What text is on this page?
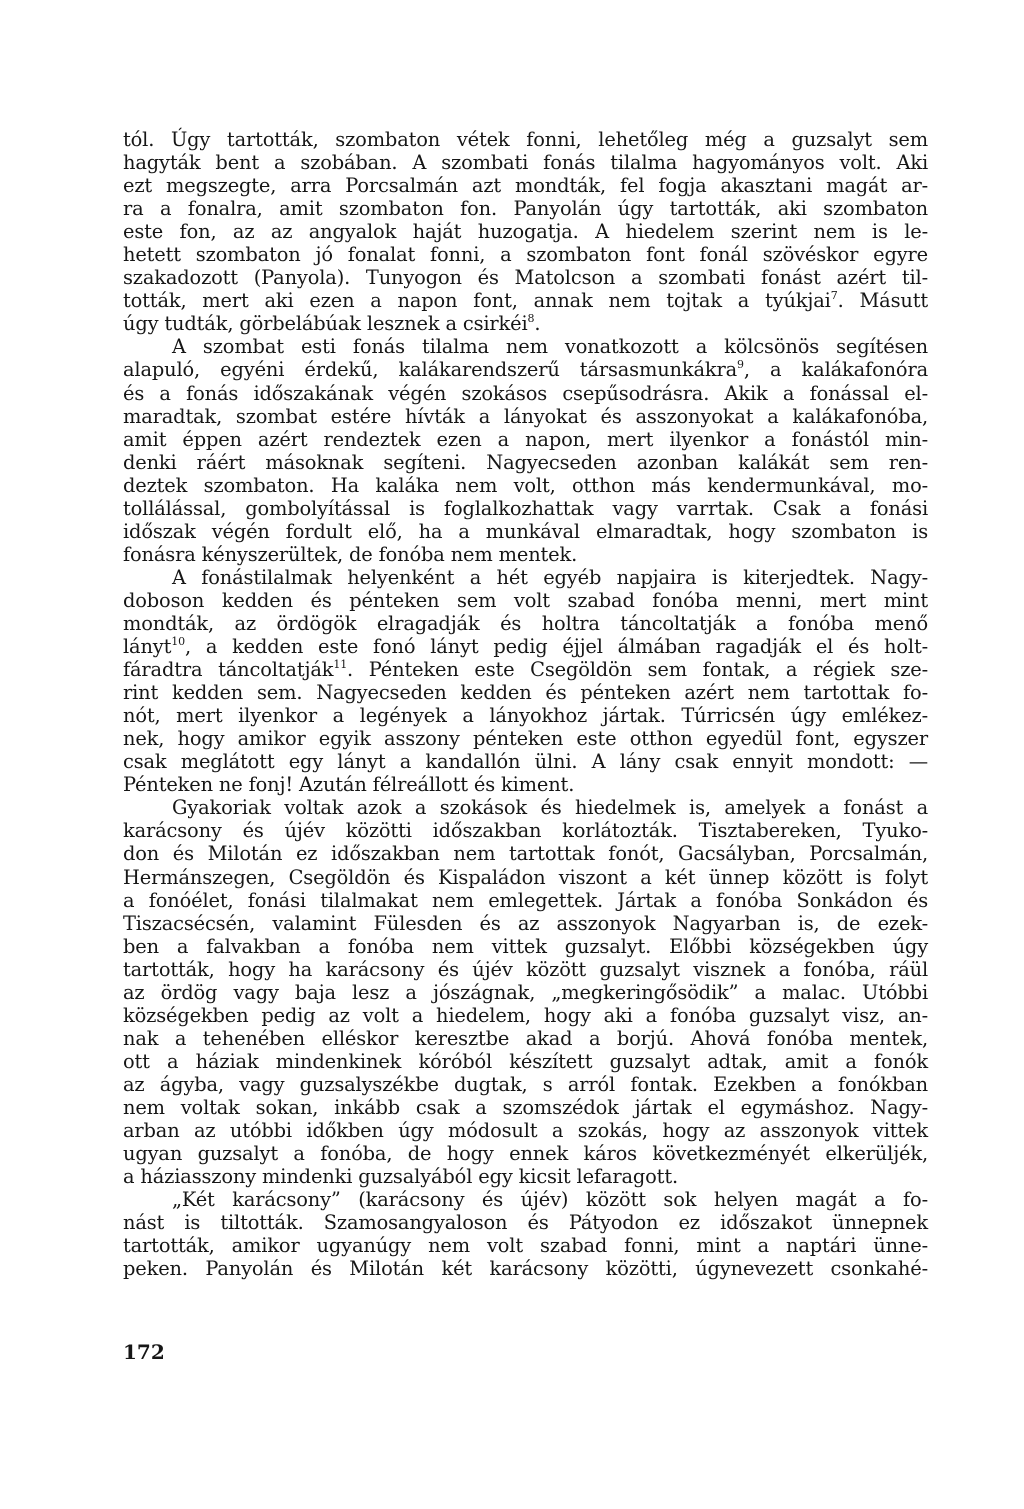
tól. Úgy tartották, szombaton vétek fonni, lehetőleg még a guzsalyt sem
hagyták bent a szobában. A szombati fonás tilalma hagyományos volt. Aki
ezt megszegte, arra Porcsalmán azt mondták, fel fogja akasztani magát ar-
ra a fonalra, amit szombaton fon. Panyolán úgy tartották, aki szombaton
este fon, az az angyalok haját huzogatja. A hiedelem szerint nem is le-
hetett szombaton jó fonalat fonni, a szombaton font fonál szövéskor egyre
szakadozott (Panyola). Tunyogon és Matolcson a szombati fonást azért til-
tották, mert aki ezen a napon font, annak nem tojtak a tyúkjai$^7$. Másutt
úgy tudták, görbelábúak lesznek a csirkéi$^8$.
A szombat esti fonás tilalma nem vonatkozott a kölcsönös segítésen
alapuló, egyéni érdekű, kalákarendszerű társasmunkákra$^9$, a kalákafonóra
és a fonás időszakának végén szokásos csepűsodrásra. Akik a fonással el-
maradtak, szombat estére hívták a lányokat és asszonyokat a kalákafonóba,
amit éppen azért rendeztek ezen a napon, mert ilyenkor a fonástól min-
denki ráért másoknak segíteni. Nagyecseden azonban kalákát sem ren-
deztek szombaton. Ha kaláka nem volt, otthon más kendermunkával, mo-
tollálással, gombolyítással is foglalkozhattak vagy varrtak. Csak a fonási
időszak végén fordult elő, ha a munkával elmaradtak, hogy szombaton is
fonásra kényszerültek, de fonóba nem mentek.
A fonástilalmak helyenként a hét egyéb napjaira is kiterjedtek. Nagy-
doboson kedden és pénteken sem volt szabad fonóba menni, mert mint
mondták, az ördögök elragadják és holtra táncoltatják a fonóba menő
lányt$^{10}$, a kedden este fonó lányt pedig éjjel álmában ragadják el és holt-
fáradtra táncoltatják$^{11}$. Pénteken este Csegöldön sem fontak, a régiek sze-
rint kedden sem. Nagyecseden kedden és pénteken azért nem tartottak fo-
nót, mert ilyenkor a legények a lányokhoz jártak. Túrricsén úgy emlékez-
nek, hogy amikor egyik asszony pénteken este otthon egyedül font, egyszer
csak meglátott egy lányt a kandallón ülni. A lány csak ennyit mondott: —
Pénteken ne fonj! Azután félreállott és kiment.
Gyakoriak voltak azok a szokások és hiedelmek is, amelyek a fonást a
karácsony és újév közötti időszakban korlátozták. Tisztabereken, Tyuko-
don és Milotán ez időszakban nem tartottak fonót, Gacsályban, Porcsalmán,
Hermánszegen, Csegöldön és Kispaládon viszont a két ünnep között is folyt
a fonóélet, fonási tilalmakat nem emlegettek. Jártak a fonóba Sonkádon és
Tiszacsécsén, valamint Fülesden és az asszonyok Nagyarban is, de ezek-
ben a falvakban a fonóba nem vittek guzsalyt. Előbbi községekben úgy
tartották, hogy ha karácsony és újév között guzsalyt visznek a fonóba, ráül
az ördög vagy baja lesz a jószágnak, „megkeringősödik” a malac. Utóbbi
községekben pedig az volt a hiedelem, hogy aki a fonóba guzsalyt visz, an-
nak a tehenében elléskor keresztbe akad a borjú. Ahová fonóba mentek,
ott a háziak mindenkinek kóróból készített guzsalyt adtak, amit a fonók
az ágyba, vagy guzsalyszékbe dugtak, s arról fontak. Ezekben a fonókban
nem voltak sokan, inkább csak a szomszédok jártak el egymáshoz. Nagy-
arban az utóbbi időkben úgy módosult a szokás, hogy az asszonyok vittek
ugyan guzsalyt a fonóba, de hogy ennek káros következményét elkerüljék,
a háziasszony mindenki guzsalyából egy kicsit lefaragott.
„Két karácsony” (karácsony és újév) között sok helyen magát a fo-
nást is tiltották. Szamosangyaloson és Pátyodon ez időszakot ünnepnek
tartották, amikor ugyanúgy nem volt szabad fonni, mint a naptári ünne-
peken. Panyolán és Milotán két karácsony közötti, úgynevezett csonkahé-
172
